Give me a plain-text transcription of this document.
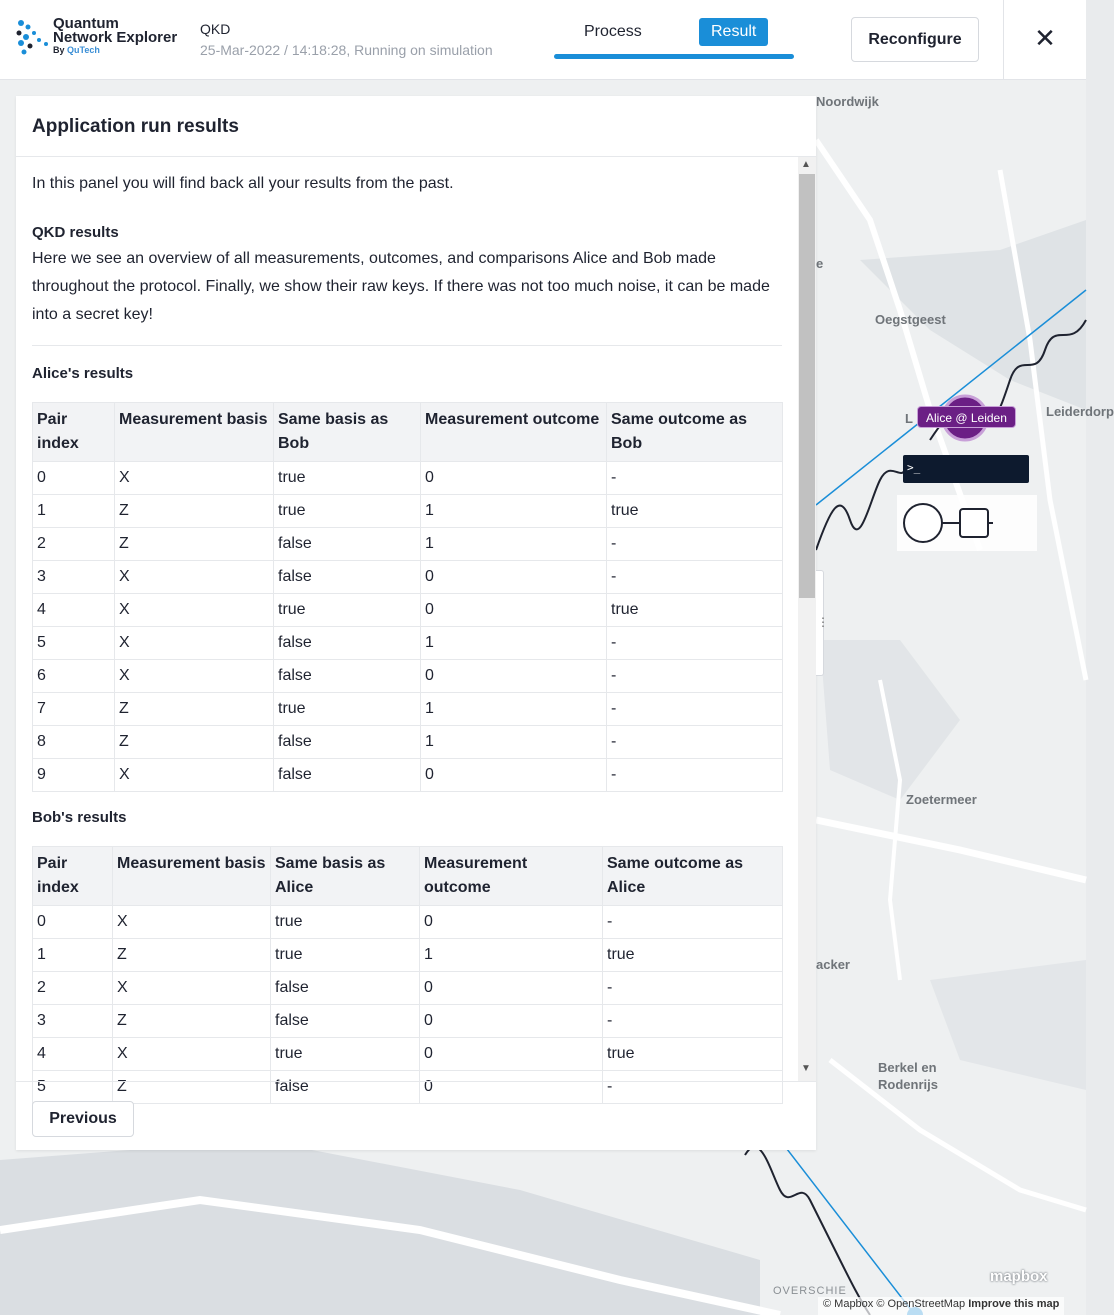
Noordwijk
Oegstgeest
Leiderdorp
Zoetermeer
Berkel en
Rodenrijs
OVERSCHIE
e
L
acker
Alice @ Leiden
>_
mapbox
© Mapbox © OpenStreetMap Improve this map
Quantum
Network Explorer
By QuTech
QKD
25-Mar-2022 / 14:18:28, Running on simulation
Process	Result	Reconfigure	✕
Application run results

In this panel you will find back all your results from the past.

QKD results

Here we see an overview of all measurements, outcomes, and comparisons Alice and Bob made throughout the protocol. Finally, we show their raw keys. If there was not too much noise, it can be made into a secret key!

Alice's results
Pair index	Measurement basis	Same basis as Bob	Measurement outcome	Same outcome as Bob
0	X	true	0	-
1	Z	true	1	true
2	Z	false	1	-
3	X	false	0	-
4	X	true	0	true
5	X	false	1	-
6	X	false	0	-
7	Z	true	1	-
8	Z	false	1	-
9	X	false	0	-
Bob's results
Pair index	Measurement basis	Same basis as Alice	Measurement outcome	Same outcome as Alice
0	X	true	0	-
1	Z	true	1	true
2	X	false	0	-
3	Z	false	0	-
4	X	true	0	true
5	Z	false	0	-
Previous
▲
▼
⋮
